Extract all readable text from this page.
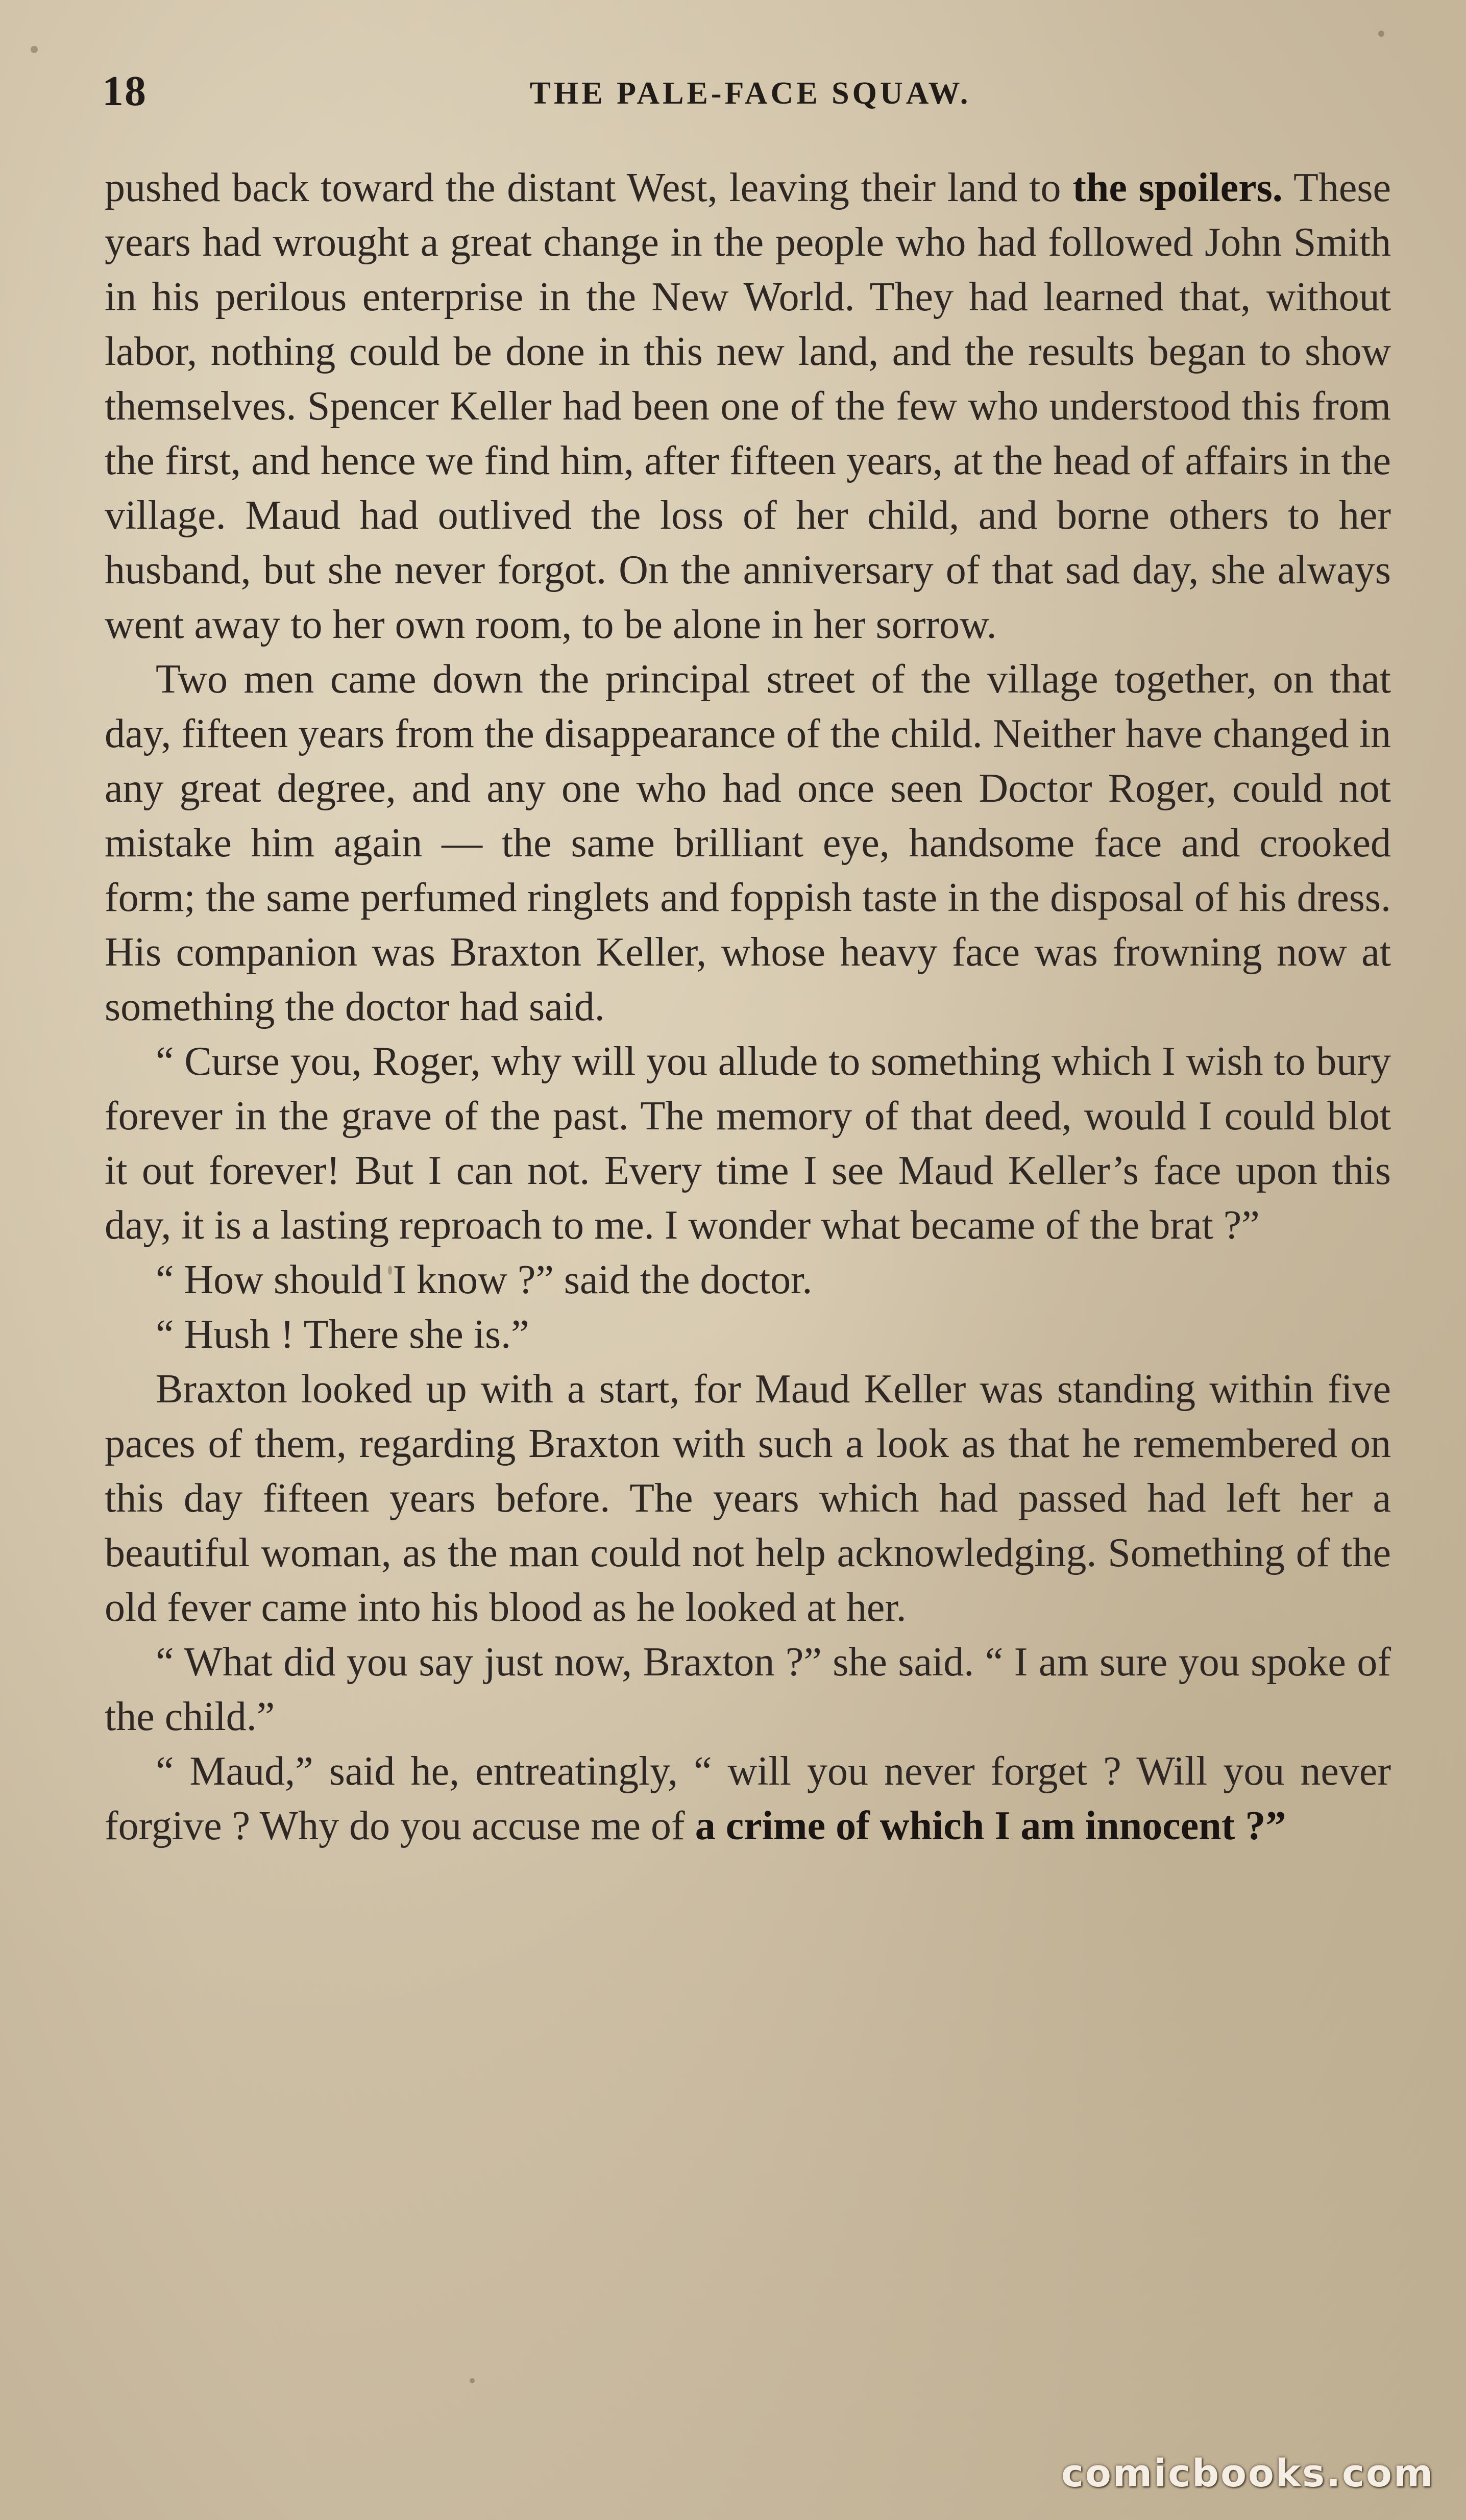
18	THE PALE-FACE SQUAW.

pushed back toward the distant West, leaving their land to the spoilers. These years had wrought a great change in the people who had followed John Smith in his perilous enterprise in the New World. They had learned that, without labor, nothing could be done in this new land, and the results began to show themselves. Spencer Keller had been one of the few who understood this from the first, and hence we find him, after fifteen years, at the head of affairs in the village. Maud had outlived the loss of her child, and borne others to her husband, but she never forgot. On the anniversary of that sad day, she always went away to her own room, to be alone in her sorrow.

Two men came down the principal street of the village together, on that day, fifteen years from the disappearance of the child. Neither have changed in any great degree, and any one who had once seen Doctor Roger, could not mistake him again — the same brilliant eye, handsome face and crooked form; the same perfumed ringlets and foppish taste in the disposal of his dress. His companion was Braxton Keller, whose heavy face was frowning now at something the doctor had said.

“ Curse you, Roger, why will you allude to something which I wish to bury forever in the grave of the past. The memory of that deed, would I could blot it out forever! But I can not. Every time I see Maud Keller’s face upon this day, it is a lasting reproach to me. I wonder what became of the brat ?”

“ How should I know ?” said the doctor.

“ Hush ! There she is.”

Braxton looked up with a start, for Maud Keller was standing within five paces of them, regarding Braxton with such a look as that he remembered on this day fifteen years before. The years which had passed had left her a beautiful woman, as the man could not help acknowledging. Something of the old fever came into his blood as he looked at her.

“ What did you say just now, Braxton ?” she said. “ I am sure you spoke of the child.”

“ Maud,” said he, entreatingly, “ will you never forget ? Will you never forgive ? Why do you accuse me of a crime of which I am innocent ?”

comicbooks.com
